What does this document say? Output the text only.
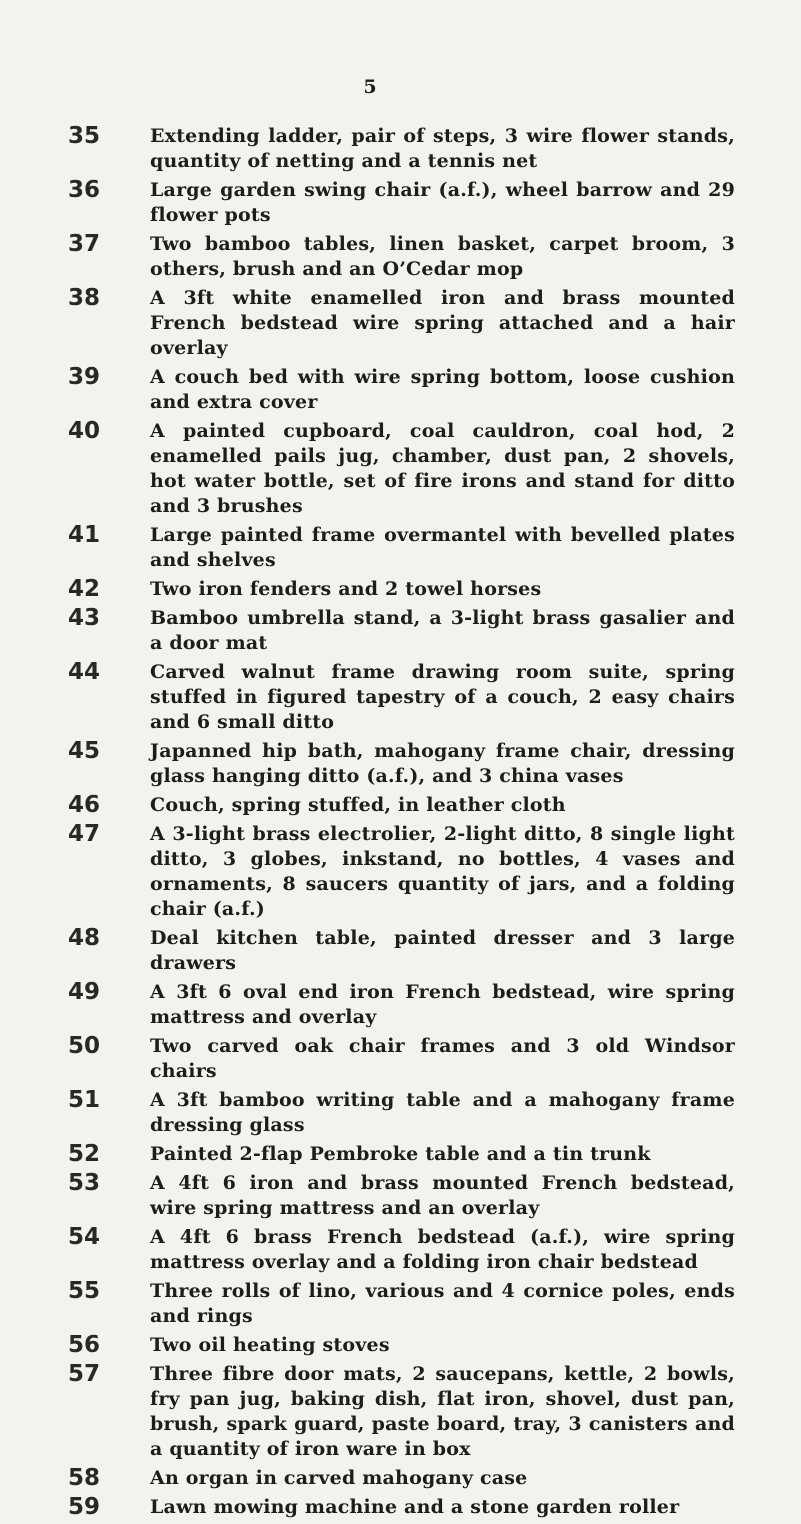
5
35	Extending ladder, pair of steps, 3 wire flower stands, quantity of netting and a tennis net
36	Large garden swing chair (a.f.), wheel barrow and 29 flower pots
37	Two bamboo tables, linen basket, carpet broom, 3 others, brush and an O’Cedar mop
38	A 3ft white enamelled iron and brass mounted French bedstead wire spring attached and a hair overlay
39	A couch bed with wire spring bottom, loose cushion and extra cover
40	A painted cupboard, coal cauldron, coal hod, 2 enamelled pails jug, chamber, dust pan, 2 shovels, hot water bottle, set of fire irons and stand for ditto and 3 brushes
41	Large painted frame overmantel with bevelled plates and shelves
42	Two iron fenders and 2 towel horses
43	Bamboo umbrella stand, a 3-light brass gasalier and a door mat
44	Carved walnut frame drawing room suite, spring stuffed in figured tapestry of a couch, 2 easy chairs and 6 small ditto
45	Japanned hip bath, mahogany frame chair, dressing glass hanging ditto (a.f.), and 3 china vases
46	Couch, spring stuffed, in leather cloth
47	A 3-light brass electrolier, 2-light ditto, 8 single light ditto, 3 globes, inkstand, no bottles, 4 vases and ornaments, 8 saucers quantity of jars, and a folding chair (a.f.)
48	Deal kitchen table, painted dresser and 3 large drawers
49	A 3ft 6 oval end iron French bedstead, wire spring mattress and overlay
50	Two carved oak chair frames and 3 old Windsor chairs
51	A 3ft bamboo writing table and a mahogany frame dressing glass
52	Painted 2-flap Pembroke table and a tin trunk
53	A 4ft 6 iron and brass mounted French bedstead, wire spring mattress and an overlay
54	A 4ft 6 brass French bedstead (a.f.), wire spring mattress overlay and a folding iron chair bedstead
55	Three rolls of lino, various and 4 cornice poles, ends and rings
56	Two oil heating stoves
57	Three fibre door mats, 2 saucepans, kettle, 2 bowls, fry pan jug, baking dish, flat iron, shovel, dust pan, brush, spark guard, paste board, tray, 3 canisters and a quantity of iron ware in box
58	An organ in carved mahogany case
59	Lawn mowing machine and a stone garden roller
